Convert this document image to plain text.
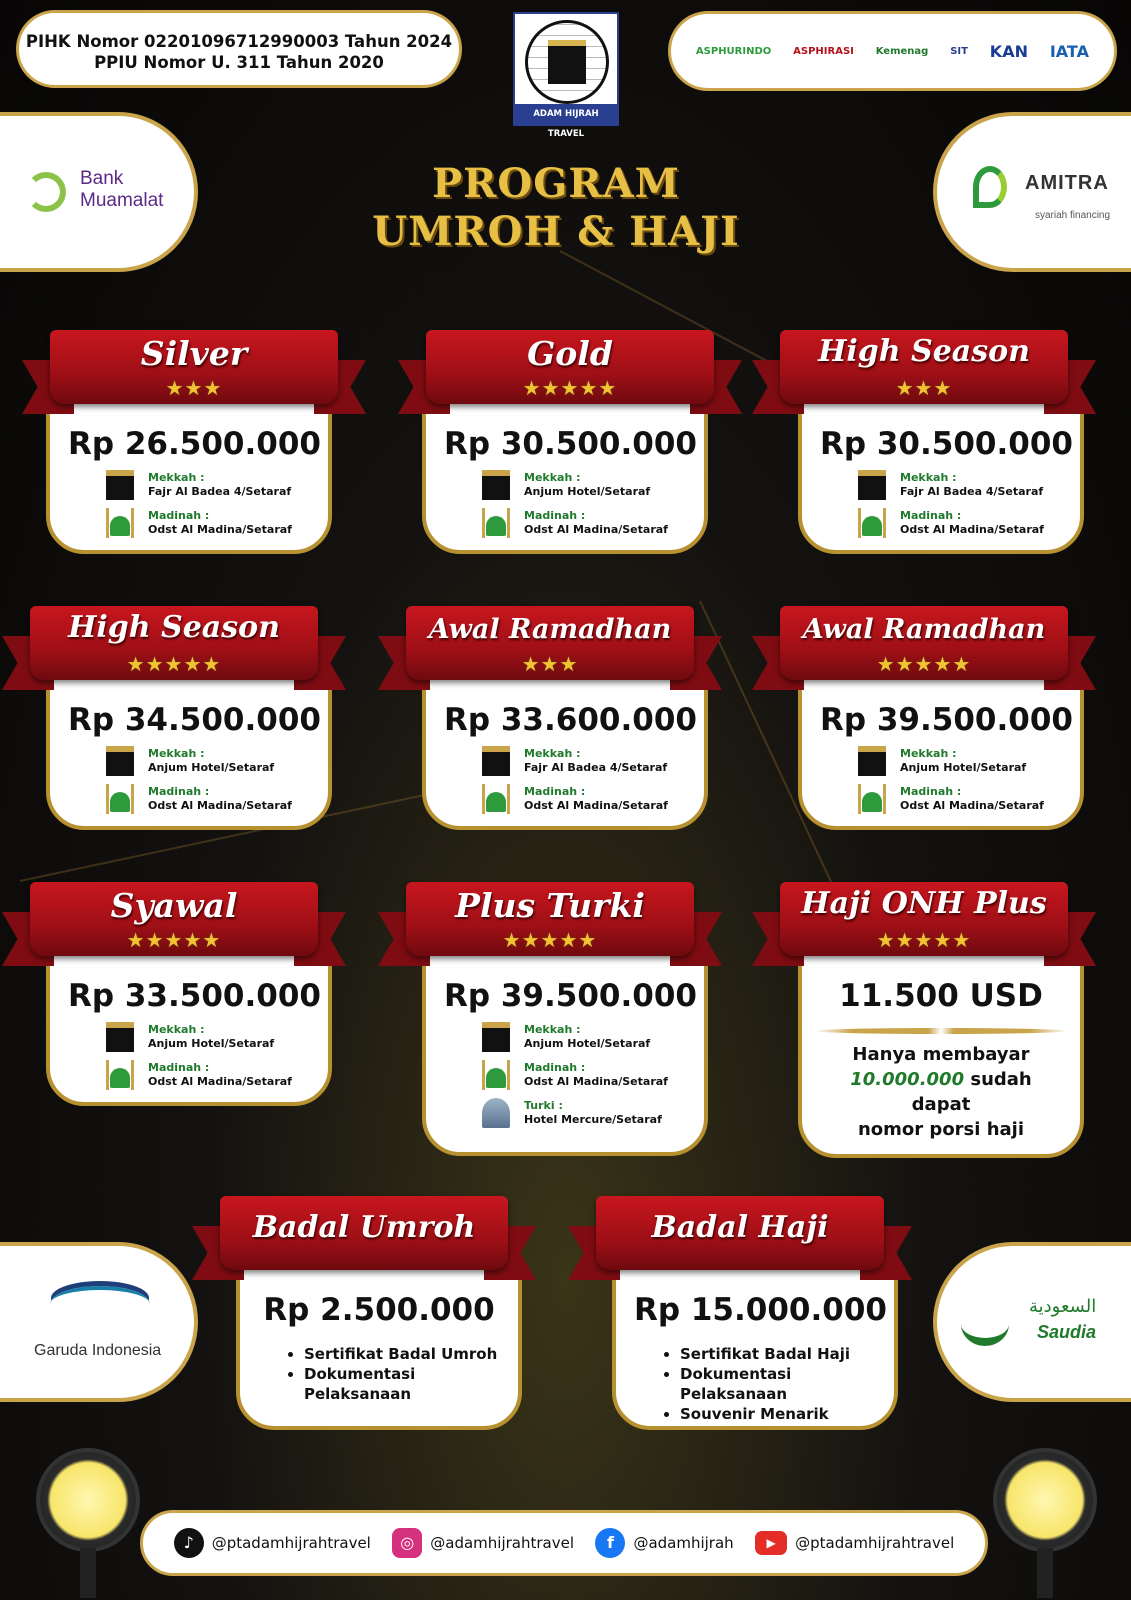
PIHK Nomor 02201096712990003 Tahun 2024
PPIU Nomor U. 311 Tahun 2020
ADAM HIJRAH TRAVEL
ASPHURINDO ASPHIRASI Kemenag SIT KAN IATA
Bank
Muamalat
AMITRA
syariah financing
PROGRAM
UMROH & HAJI
Rp 26.500.000
Mekkah :
Fajr Al Badea 4/Setaraf
Madinah :
Odst Al Madina/Setaraf
Silver
★★★
Rp 30.500.000
Mekkah :
Anjum Hotel/Setaraf
Madinah :
Odst Al Madina/Setaraf
Gold
★★★★★
Rp 30.500.000
Mekkah :
Fajr Al Badea 4/Setaraf
Madinah :
Odst Al Madina/Setaraf
High Season
★★★
Rp 34.500.000
Mekkah :
Anjum Hotel/Setaraf
Madinah :
Odst Al Madina/Setaraf
High Season
★★★★★
Rp 33.600.000
Mekkah :
Fajr Al Badea 4/Setaraf
Madinah :
Odst Al Madina/Setaraf
Awal Ramadhan
★★★
Rp 39.500.000
Mekkah :
Anjum Hotel/Setaraf
Madinah :
Odst Al Madina/Setaraf
Awal Ramadhan
★★★★★
Rp 33.500.000
Mekkah :
Anjum Hotel/Setaraf
Madinah :
Odst Al Madina/Setaraf
Syawal
★★★★★
Rp 39.500.000
Mekkah :
Anjum Hotel/Setaraf
Madinah :
Odst Al Madina/Setaraf
Turki :
Hotel Mercure/Setaraf
Plus Turki
★★★★★
11.500 USD
Hanya membayar
10.000.000 sudah dapat
nomor porsi haji
Haji ONH Plus
★★★★★
Garuda Indonesia
السعودية
Saudia
Rp 2.500.000
• Sertifikat Badal Umroh
• Dokumentasi Pelaksanaan
Badal Umroh
Rp 15.000.000
• Sertifikat Badal Haji
• Dokumentasi Pelaksanaan
• Souvenir Menarik
Badal Haji
♪	@ptadamhijrahtravel	◎	@adamhijrahtravel	f	@adamhijrah	▶	@ptadamhijrahtravel
